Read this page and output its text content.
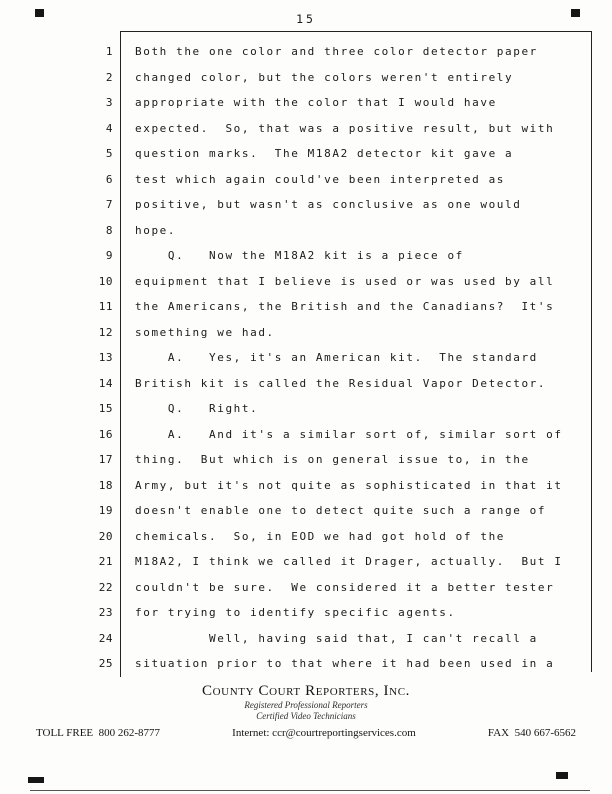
15
1	Both the one color and three color detector paper
2	changed color, but the colors weren't entirely
3	appropriate with the color that I would have
4	expected.  So, that was a positive result, but with
5	question marks.  The M18A2 detector kit gave a
6	test which again could've been interpreted as
7	positive, but wasn't as conclusive as one would
8	hope.
9	Q.   Now the M18A2 kit is a piece of
10	equipment that I believe is used or was used by all
11	the Americans, the British and the Canadians?  It's
12	something we had.
13	A.   Yes, it's an American kit.  The standard
14	British kit is called the Residual Vapor Detector.
15	Q.   Right.
16	A.   And it's a similar sort of, similar sort of
17	thing.  But which is on general issue to, in the
18	Army, but it's not quite as sophisticated in that it
19	doesn't enable one to detect quite such a range of
20	chemicals.  So, in EOD we had got hold of the
21	M18A2, I think we called it Drager, actually.  But I
22	couldn't be sure.  We considered it a better tester
23	for trying to identify specific agents.
24	Well, having said that, I can't recall a
25	situation prior to that where it had been used in a
County Court Reporters, Inc.
Registered Professional Reporters
Certified Video Technicians
TOLL FREE  800 262-8777	Internet: ccr@courtreportingservices.com	FAX  540 667-6562
